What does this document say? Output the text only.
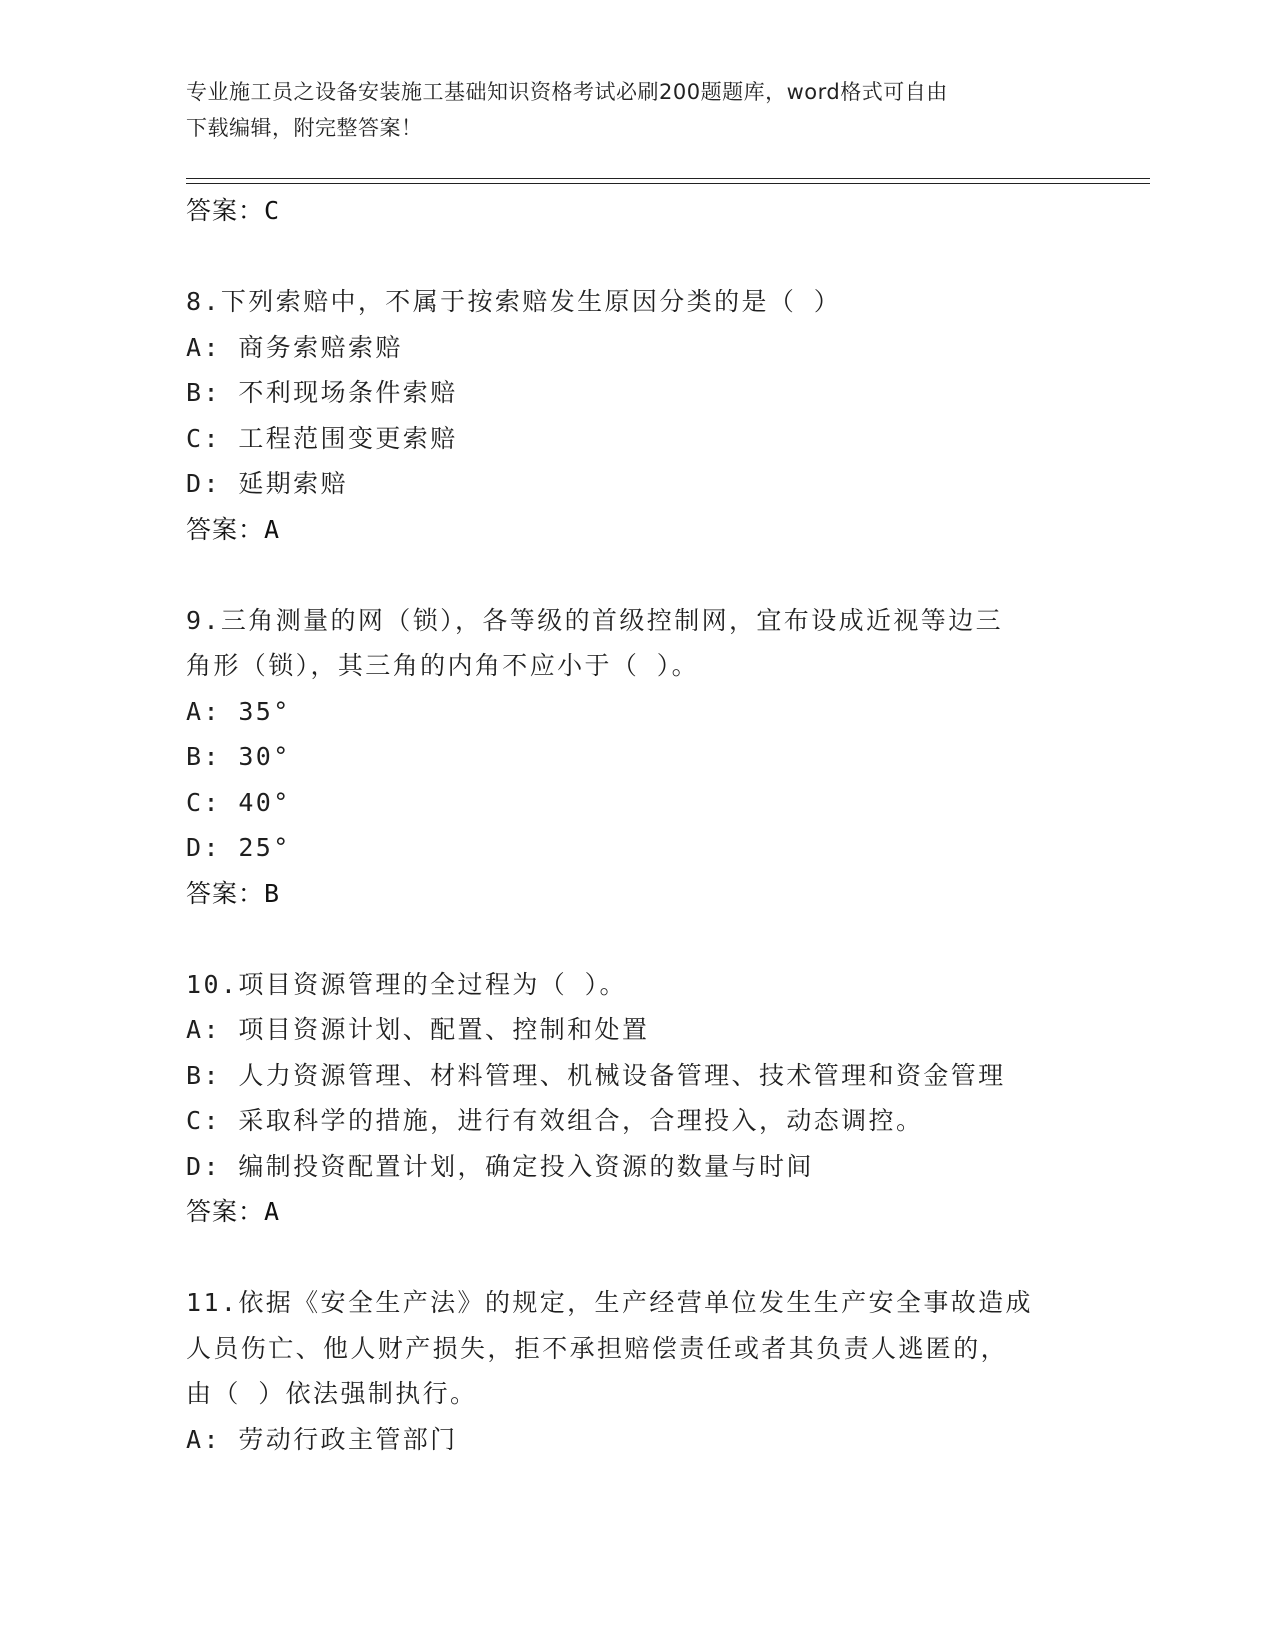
专业施工员之设备安装施工基础知识资格考试必刷200题题库，word格式可自由
下载编辑，附完整答案！
答案：C
8.下列索赔中，不属于按索赔发生原因分类的是（ ）
A: 商务索赔索赔
B: 不利现场条件索赔
C: 工程范围变更索赔
D: 延期索赔
答案：A
9.三角测量的网（锁），各等级的首级控制网，宜布设成近视等边三
角形（锁），其三角的内角不应小于（ ）。
A: 35°
B: 30°
C: 40°
D: 25°
答案：B
10.项目资源管理的全过程为（ ）。
A: 项目资源计划、配置、控制和处置
B: 人力资源管理、材料管理、机械设备管理、技术管理和资金管理
C: 采取科学的措施，进行有效组合，合理投入，动态调控。
D: 编制投资配置计划，确定投入资源的数量与时间
答案：A
11.依据《安全生产法》的规定，生产经营单位发生生产安全事故造成
人员伤亡、他人财产损失，拒不承担赔偿责任或者其负责人逃匿的，
由（ ）依法强制执行。
A: 劳动行政主管部门
